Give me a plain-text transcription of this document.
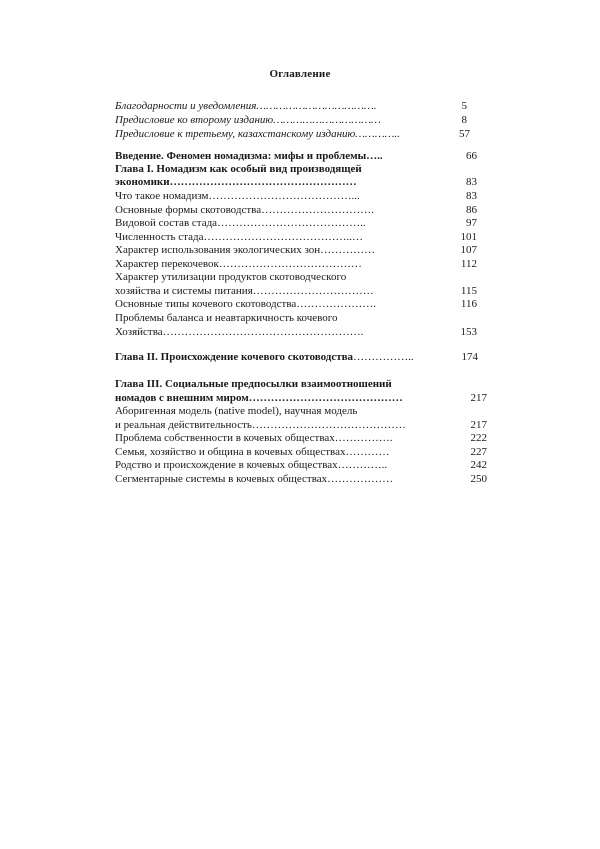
Оглавление
Благодарности и уведомления……………………………….	5
Предисловие ко второму изданию……………………………	8
Предисловие к третьему, казахстанскому изданию…………..	57
Введение. Феномен номадизма: мифы и проблемы…..	66
Глава I. Номадизм как особый вид производящей
экономики……………………………………………	83
Что такое номадизм…………………………………...	83
Основные формы скотоводства………………………….	86
Видовой состав стада…………………………………..	97
Численность стада…………………………………..…	101
Характер использования экологических зон……………	107
Характер перекочевок…………………………………	112
Характер утилизации продуктов скотоводческого
хозяйства и системы питания……………………………	115
Основные типы кочевого скотоводства………………….	116
Проблемы баланса и неавтаркичность кочевого
Хозяйства……………………………………………….	153
Глава II. Происхождение кочевого скотоводства……………..	174
Глава III. Социальные предпосылки взаимоотношений
номадов с внешним миром……………………………………	217
Аборигенная модель (native model), научная модель
и реальная действительность……………………………………	217
Проблема собственности в кочевых обществах…………….	222
Семья, хозяйство и община в кочевых обществах…………	227
Родство и происхождение в кочевых обществах…………..	242
Сегментарные системы в кочевых обществах………………	250
